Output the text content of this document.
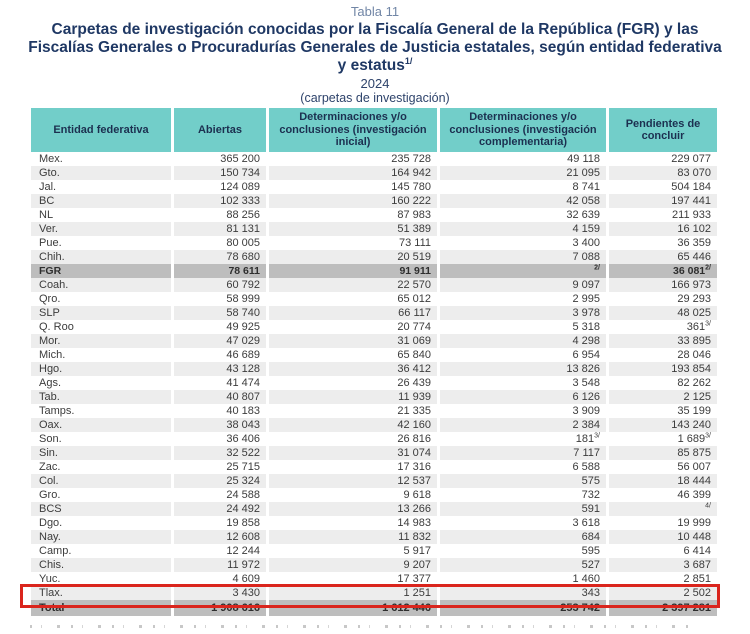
Tabla 11
Carpetas de investigación conocidas por la Fiscalía General de la República (FGR) y las
Fiscalías Generales o Procuradurías Generales de Justicia estatales, según entidad federativa
y estatus$^{1/}$
2024
(carpetas de investigación)
Entidad federativa	Abiertas	Determinaciones y/o conclusiones (investigación inicial)	Determinaciones y/o conclusiones (investigación complementaria)	Pendientes de concluir
Mex.	365 200	235 728	49 118	229 077
Gto.	150 734	164 942	21 095	83 070
Jal.	124 089	145 780	8 741	504 184
BC	102 333	160 222	42 058	197 441
NL	88 256	87 983	32 639	211 933
Ver.	81 131	51 389	4 159	16 102
Pue.	80 005	73 111	3 400	36 359
Chih.	78 680	20 519	7 088	65 446
FGR	78 611	91 911	$^{2/}$	36 $081^{2/}$
Coah.	60 792	22 570	9 097	166 973
Qro.	58 999	65 012	2 995	29 293
SLP	58 740	66 117	3 978	48 025
Q. Roo	49 925	20 774	5 318	$361^{3/}$
Mor.	47 029	31 069	4 298	33 895
Mich.	46 689	65 840	6 954	28 046
Hgo.	43 128	36 412	13 826	193 854
Ags.	41 474	26 439	3 548	82 262
Tab.	40 807	11 939	6 126	2 125
Tamps.	40 183	21 335	3 909	35 199
Oax.	38 043	42 160	2 384	143 240
Son.	36 406	26 816	$181^{3/}$	1 $689^{3/}$
Sin.	32 522	31 074	7 117	85 875
Zac.	25 715	17 316	6 588	56 007
Col.	25 324	12 537	575	18 444
Gro.	24 588	9 618	732	46 399
BCS	24 492	13 266	591	$^{4/}$
Dgo.	19 858	14 983	3 618	19 999
Nay.	12 608	11 832	684	10 448
Camp.	12 244	5 917	595	6 414
Chis.	11 972	9 207	527	3 687
Yuc.	4 609	17 377	1 460	2 851
Tlax.	3 430	1 251	343	2 502
Total	1 908 616	1 612 446	253 742	2 397 281
